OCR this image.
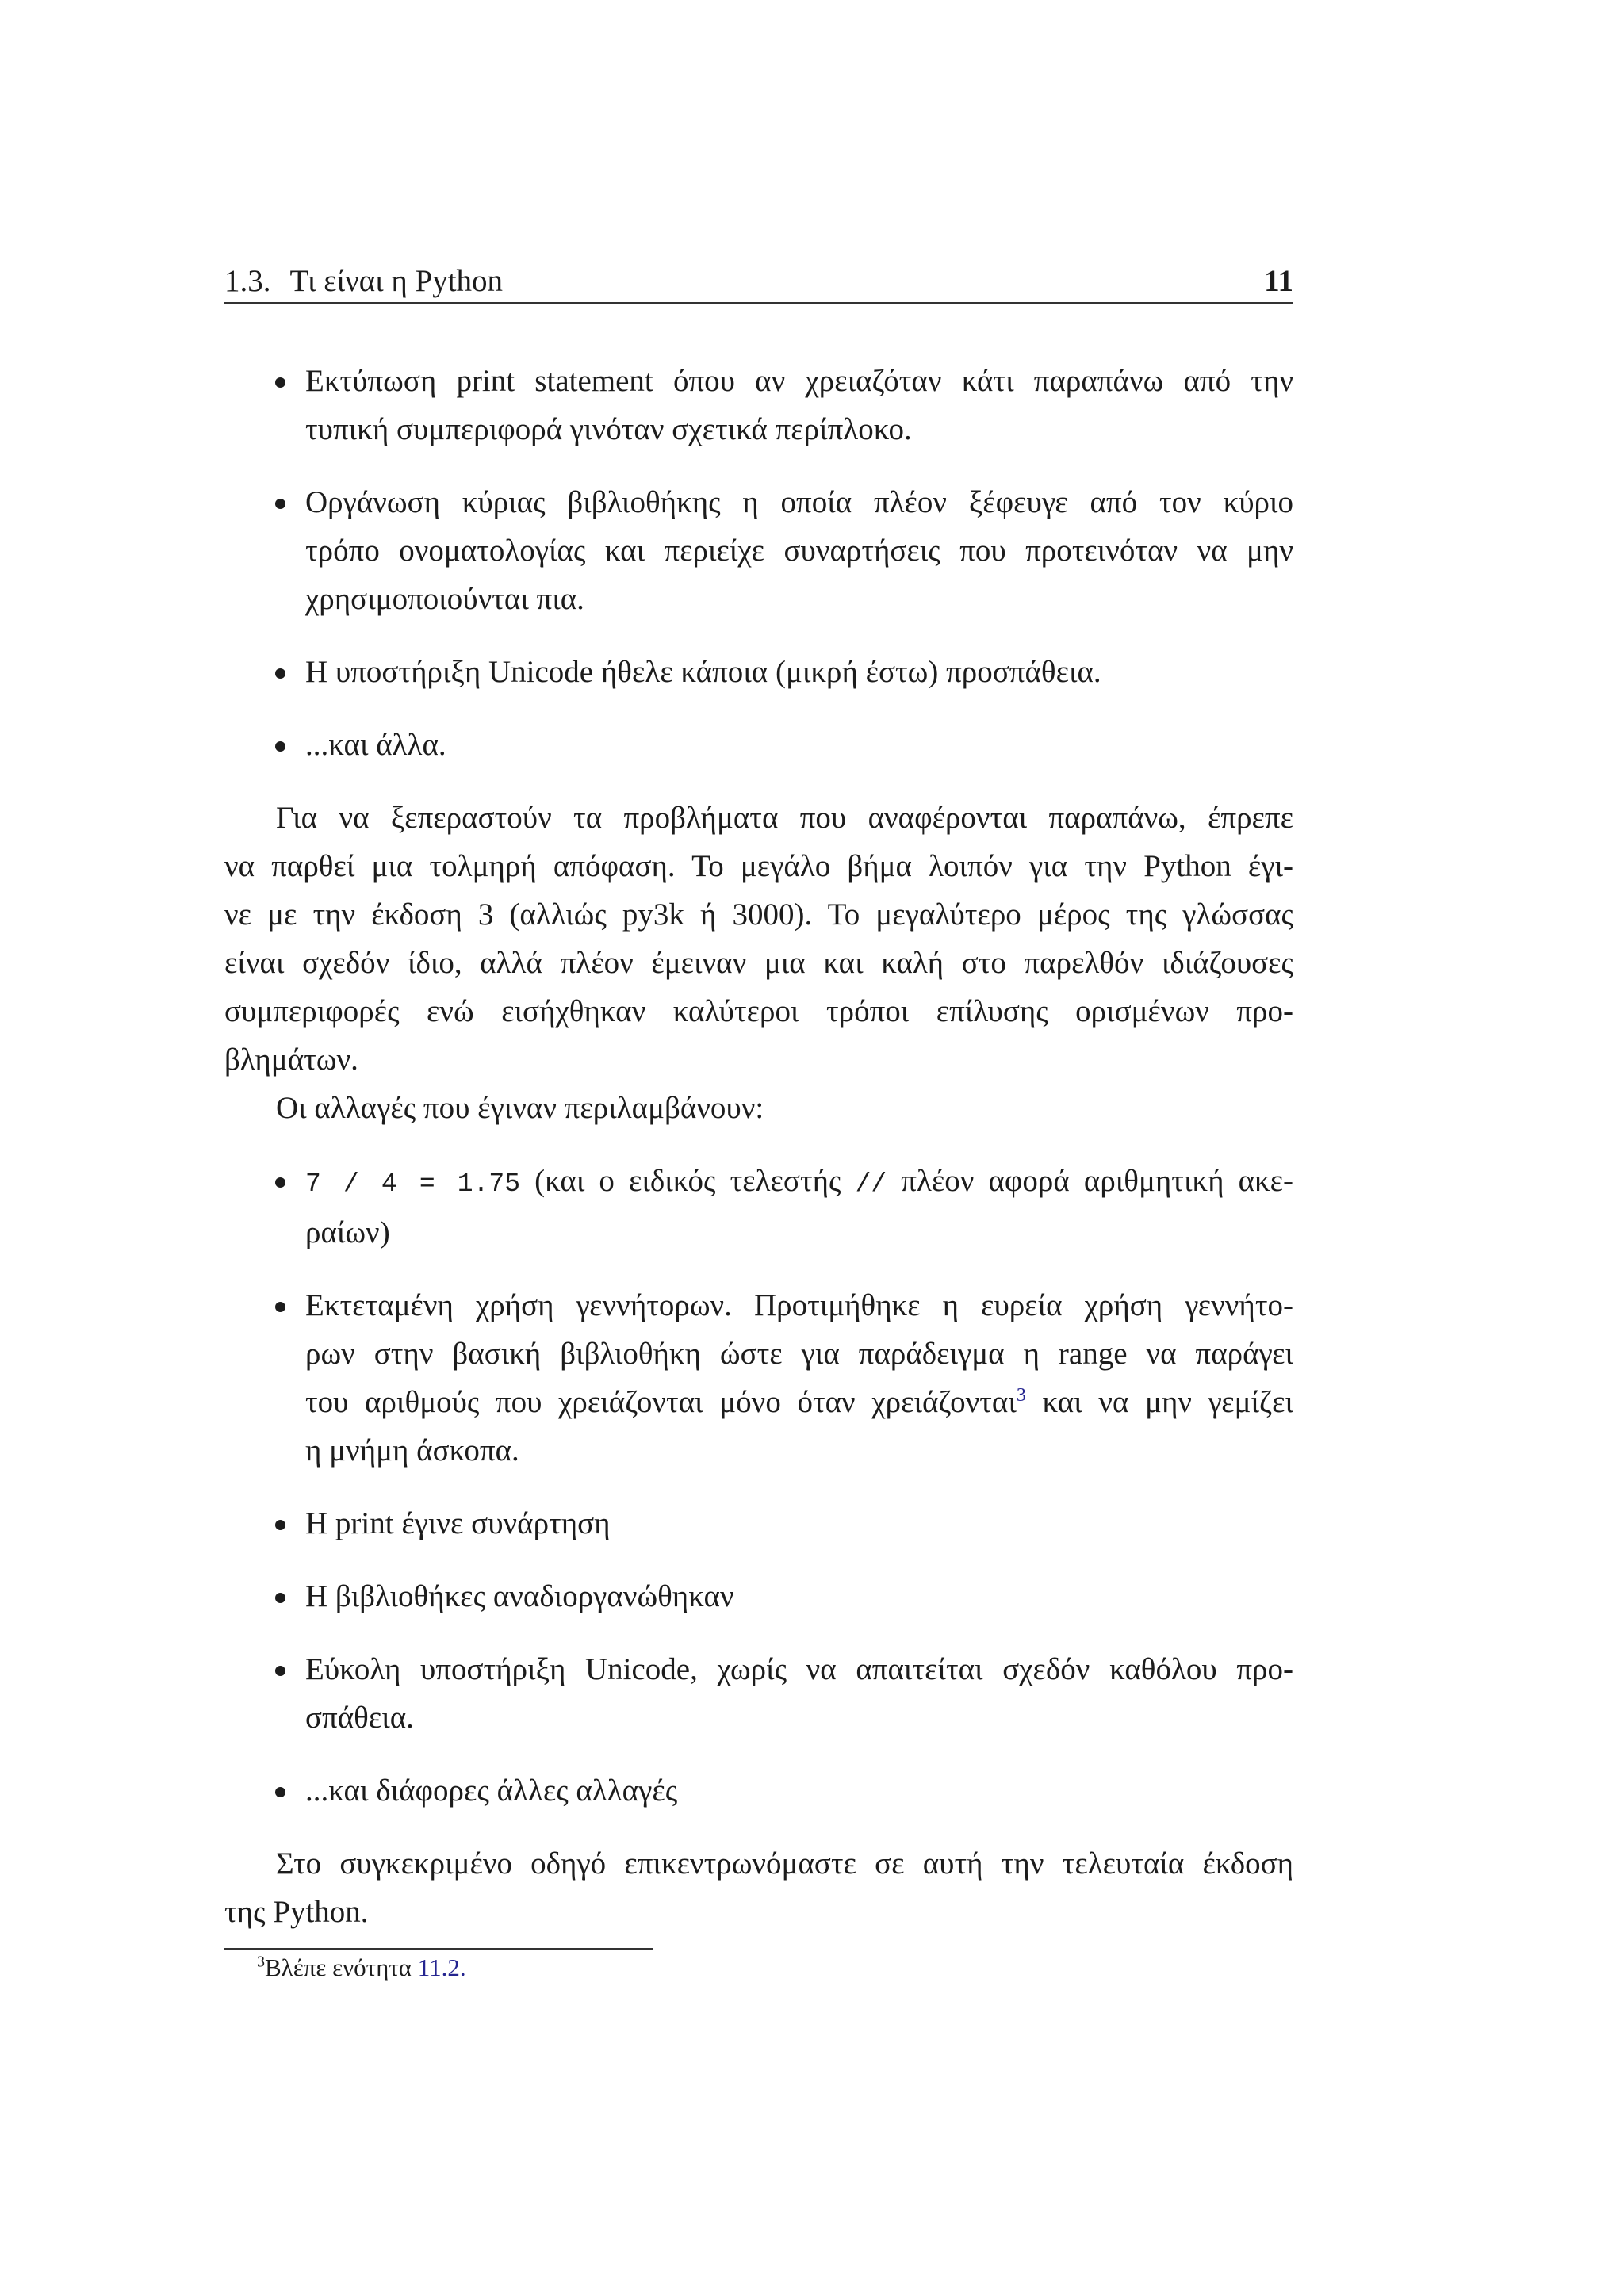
1.3. Τι είναι η Python	11
Εκτύπωση print statement όπου αν χρειαζόταν κάτι παραπάνω από την
τυπική συμπεριφορά γινόταν σχετικά περίπλοκο.
Οργάνωση κύριας βιβλιοθήκης η οποία πλέον ξέφευγε από τον κύριο
τρόπο ονοματολογίας και περιείχε συναρτήσεις που προτεινόταν να μην
χρησιμοποιούνται πια.
Η υποστήριξη Unicode ήθελε κάποια (μικρή έστω) προσπάθεια.
...και άλλα.
Για να ξεπεραστούν τα προβλήματα που αναφέρονται παραπάνω, έπρεπε
να παρθεί μια τολμηρή απόφαση. Το μεγάλο βήμα λοιπόν για την Python έγι-
νε με την έκδοση 3 (αλλιώς py3k ή 3000). Το μεγαλύτερο μέρος της γλώσσας
είναι σχεδόν ίδιο, αλλά πλέον έμειναν μια και καλή στο παρελθόν ιδιάζουσες
συμπεριφορές ενώ εισήχθηκαν καλύτεροι τρόποι επίλυσης ορισμένων προ-
βλημάτων.
Οι αλλαγές που έγιναν περιλαμβάνουν:
7 / 4 = 1.75 (και ο ειδικός τελεστής // πλέον αφορά αριθμητική ακε-
ραίων)
Εκτεταμένη χρήση γεννήτορων. Προτιμήθηκε η ευρεία χρήση γεννήτο-
ρων στην βασική βιβλιοθήκη ώστε για παράδειγμα η range να παράγει
του αριθμούς που χρειάζονται μόνο όταν χρειάζονται$^3$ και να μην γεμίζει
η μνήμη άσκοπα.
Η print έγινε συνάρτηση
Η βιβλιοθήκες αναδιοργανώθηκαν
Εύκολη υποστήριξη Unicode, χωρίς να απαιτείται σχεδόν καθόλου προ-
σπάθεια.
...και διάφορες άλλες αλλαγές
Στο συγκεκριμένο οδηγό επικεντρωνόμαστε σε αυτή την τελευταία έκδοση
της Python.
$^3$Βλέπε ενότητα 11.2.
